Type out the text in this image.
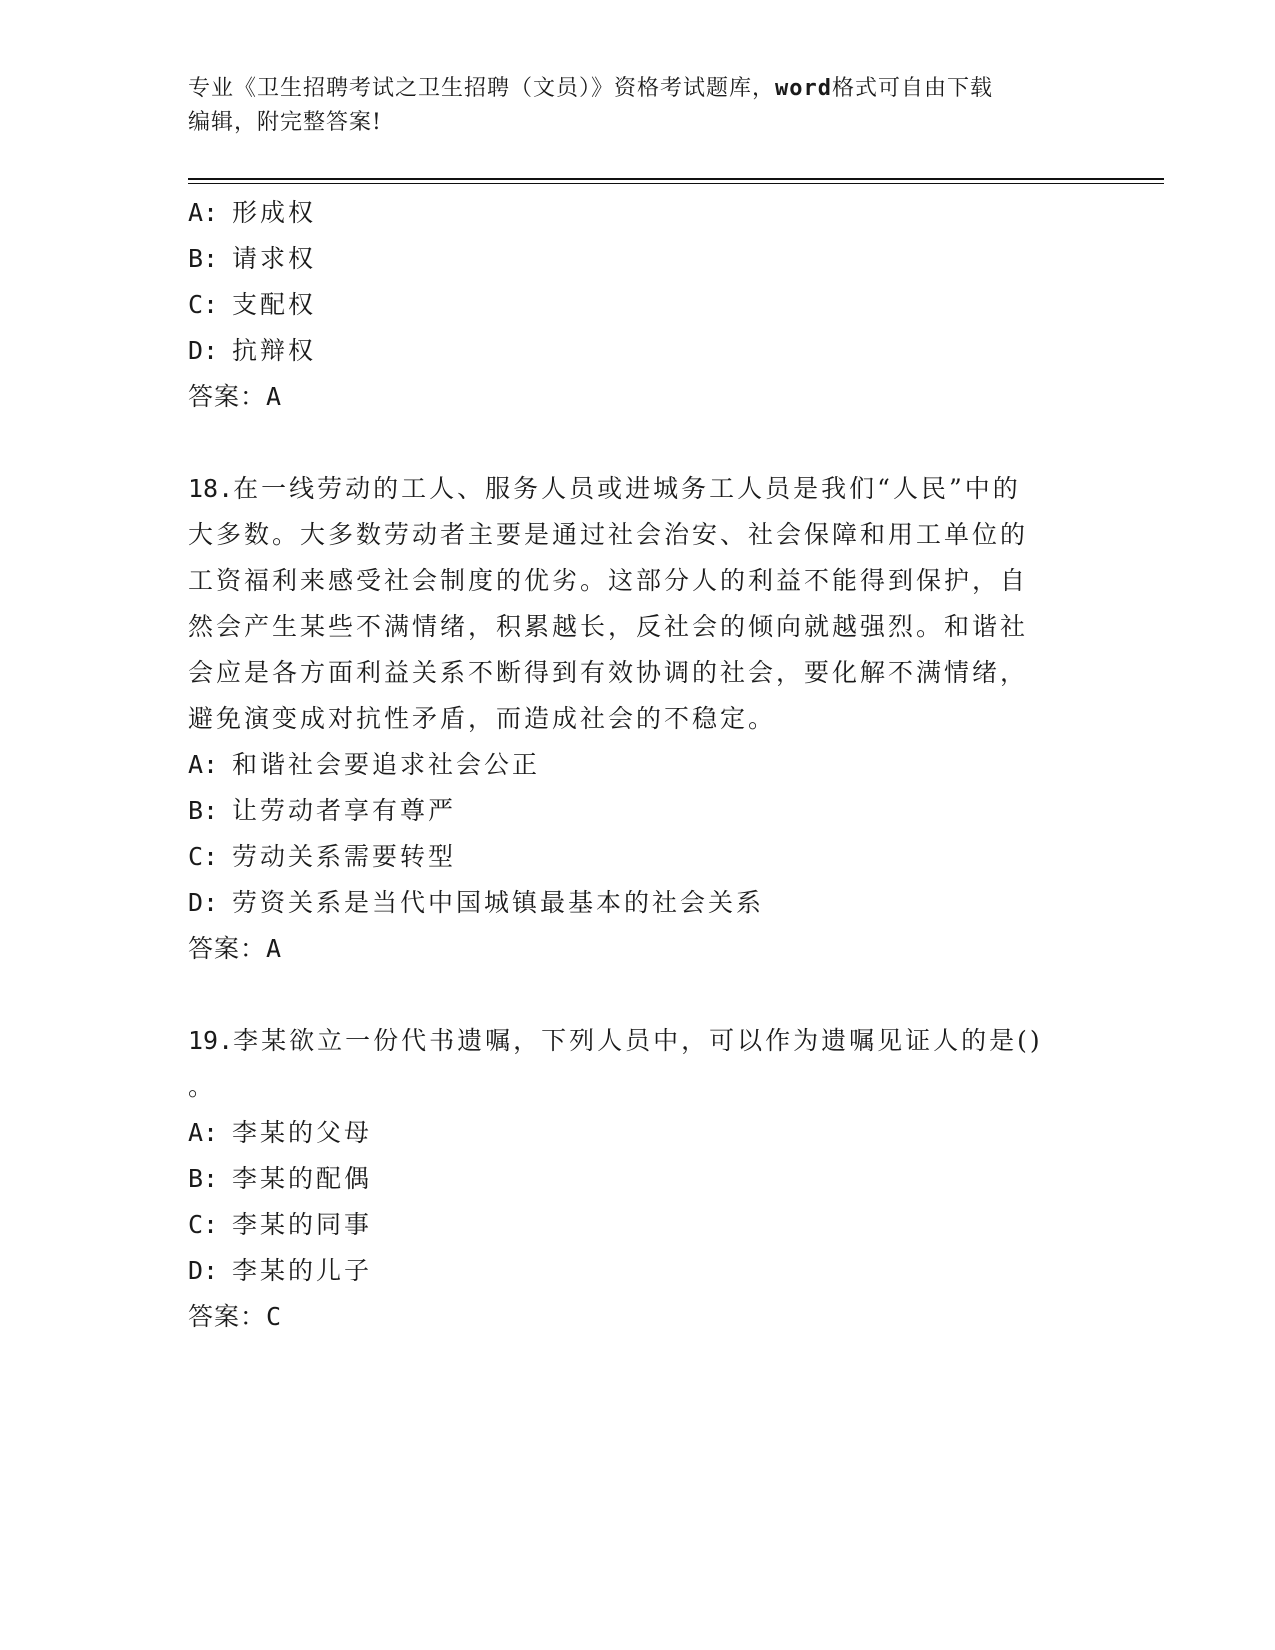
专业《卫生招聘考试之卫生招聘（文员）》资格考试题库，word格式可自由下载
编辑，附完整答案!
A: 形成权
B: 请求权
C: 支配权
D: 抗辩权
答案：A
18.在一线劳动的工人、服务人员或进城务工人员是我们“人民”中的
大多数。大多数劳动者主要是通过社会治安、社会保障和用工单位的
工资福利来感受社会制度的优劣。这部分人的利益不能得到保护，自
然会产生某些不满情绪，积累越长，反社会的倾向就越强烈。和谐社
会应是各方面利益关系不断得到有效协调的社会，要化解不满情绪，
避免演变成对抗性矛盾，而造成社会的不稳定。
A: 和谐社会要追求社会公正
B: 让劳动者享有尊严
C: 劳动关系需要转型
D: 劳资关系是当代中国城镇最基本的社会关系
答案：A
19.李某欲立一份代书遗嘱，下列人员中，可以作为遗嘱见证人的是()
。
A: 李某的父母
B: 李某的配偶
C: 李某的同事
D: 李某的儿子
答案：C
